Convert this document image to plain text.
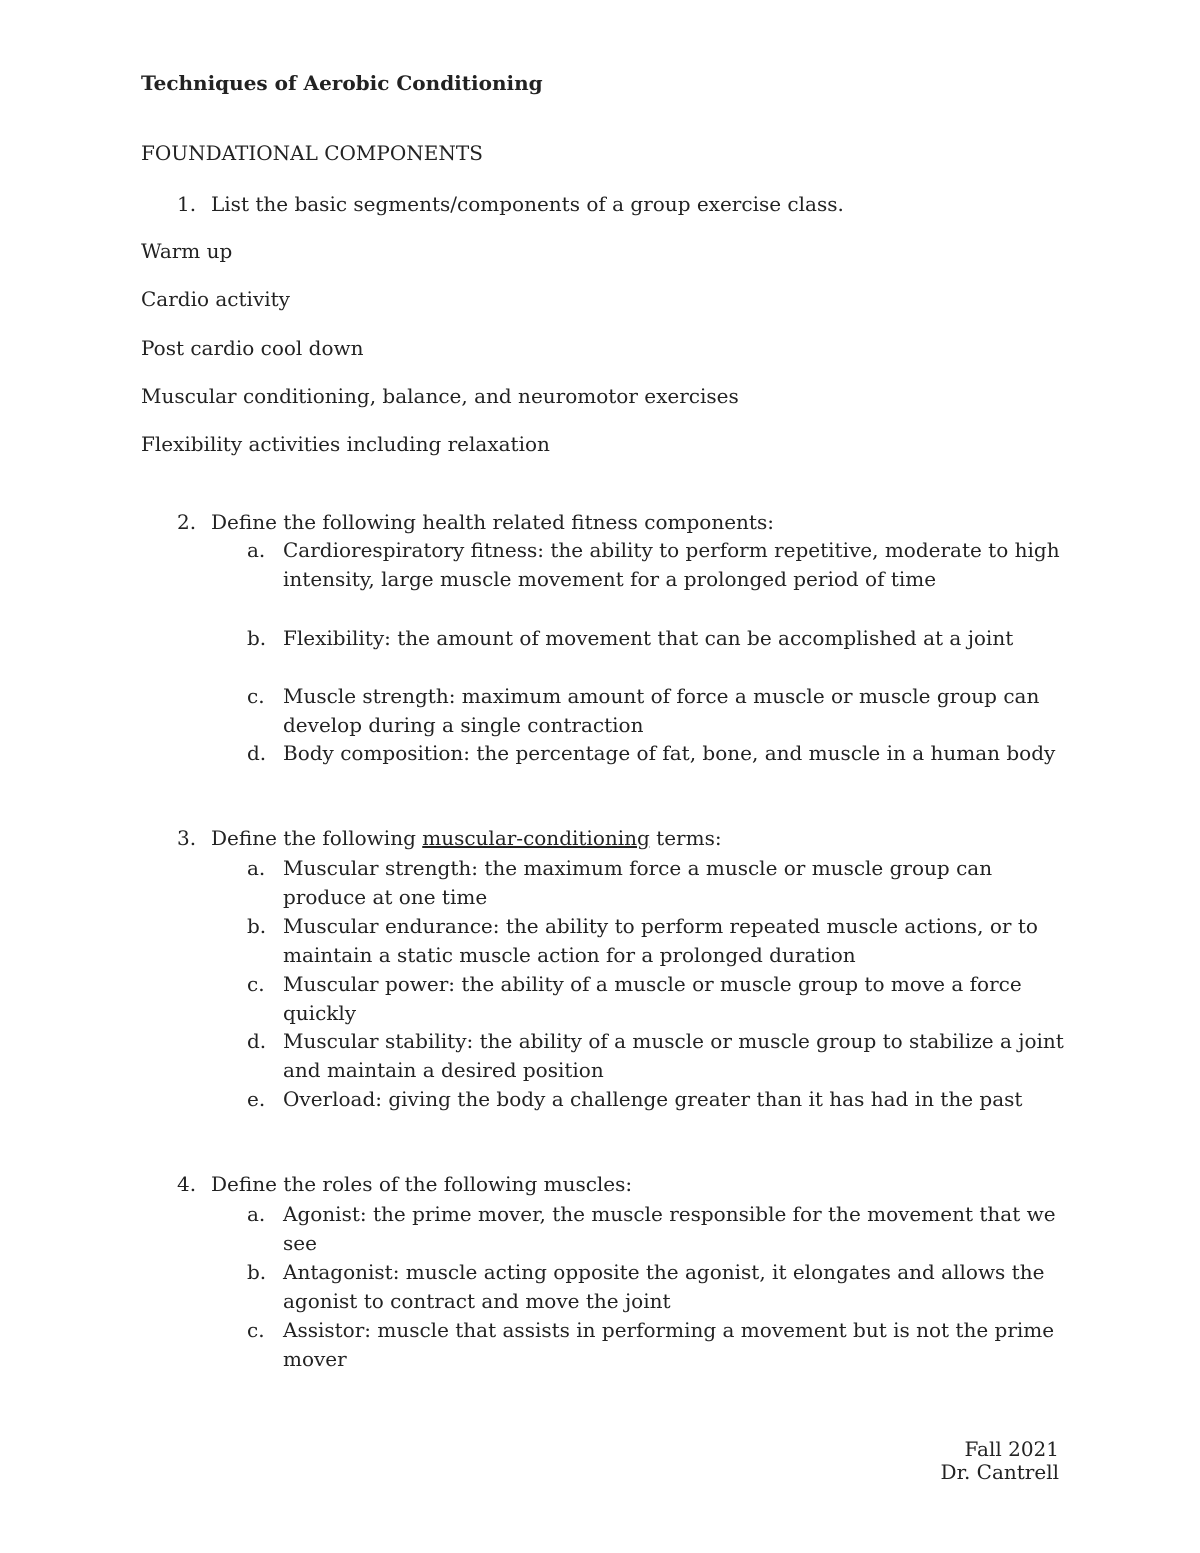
Techniques of Aerobic Conditioning
FOUNDATIONAL COMPONENTS
1. List the basic segments/components of a group exercise class.
Warm up
Cardio activity
Post cardio cool down
Muscular conditioning, balance, and neuromotor exercises
Flexibility activities including relaxation
2. Define the following health related fitness components:
a. Cardiorespiratory fitness: the ability to perform repetitive, moderate to high intensity, large muscle movement for a prolonged period of time
b. Flexibility: the amount of movement that can be accomplished at a joint
c. Muscle strength: maximum amount of force a muscle or muscle group can develop during a single contraction
d. Body composition: the percentage of fat, bone, and muscle in a human body
3. Define the following muscular-conditioning terms:
a. Muscular strength: the maximum force a muscle or muscle group can produce at one time
b. Muscular endurance: the ability to perform repeated muscle actions, or to maintain a static muscle action for a prolonged duration
c. Muscular power: the ability of a muscle or muscle group to move a force quickly
d. Muscular stability: the ability of a muscle or muscle group to stabilize a joint and maintain a desired position
e. Overload: giving the body a challenge greater than it has had in the past
4. Define the roles of the following muscles:
a. Agonist: the prime mover, the muscle responsible for the movement that we see
b. Antagonist: muscle acting opposite the agonist, it elongates and allows the agonist to contract and move the joint
c. Assistor: muscle that assists in performing a movement but is not the prime mover
Fall 2021
Dr. Cantrell
